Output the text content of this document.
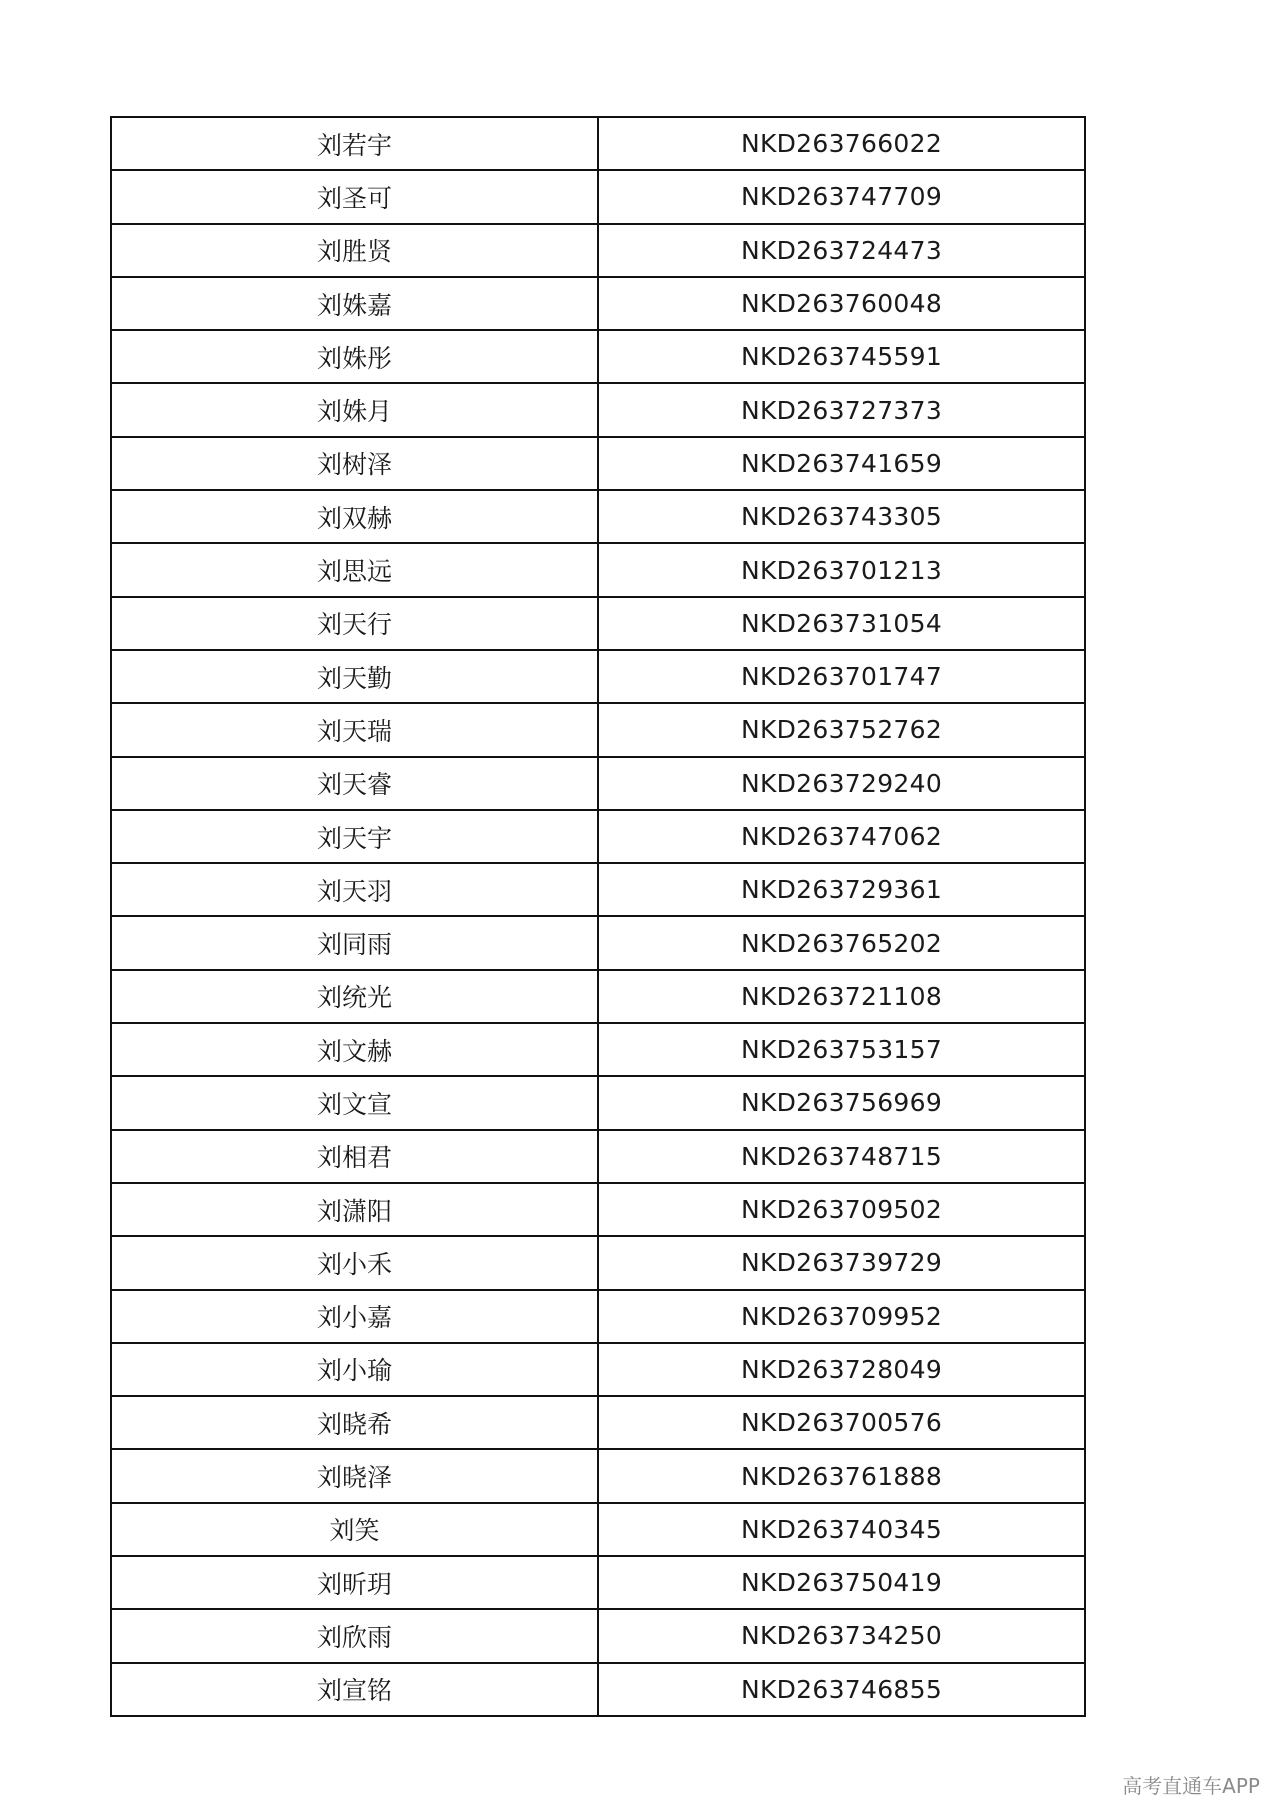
刘若宇	NKD263766022
刘圣可	NKD263747709
刘胜贤	NKD263724473
刘姝嘉	NKD263760048
刘姝彤	NKD263745591
刘姝月	NKD263727373
刘树泽	NKD263741659
刘双赫	NKD263743305
刘思远	NKD263701213
刘天行	NKD263731054
刘天勤	NKD263701747
刘天瑞	NKD263752762
刘天睿	NKD263729240
刘天宇	NKD263747062
刘天羽	NKD263729361
刘同雨	NKD263765202
刘统光	NKD263721108
刘文赫	NKD263753157
刘文宣	NKD263756969
刘相君	NKD263748715
刘潇阳	NKD263709502
刘小禾	NKD263739729
刘小嘉	NKD263709952
刘小瑜	NKD263728049
刘晓希	NKD263700576
刘晓泽	NKD263761888
刘笑	NKD263740345
刘昕玥	NKD263750419
刘欣雨	NKD263734250
刘宣铭	NKD263746855
高考直通车APP
